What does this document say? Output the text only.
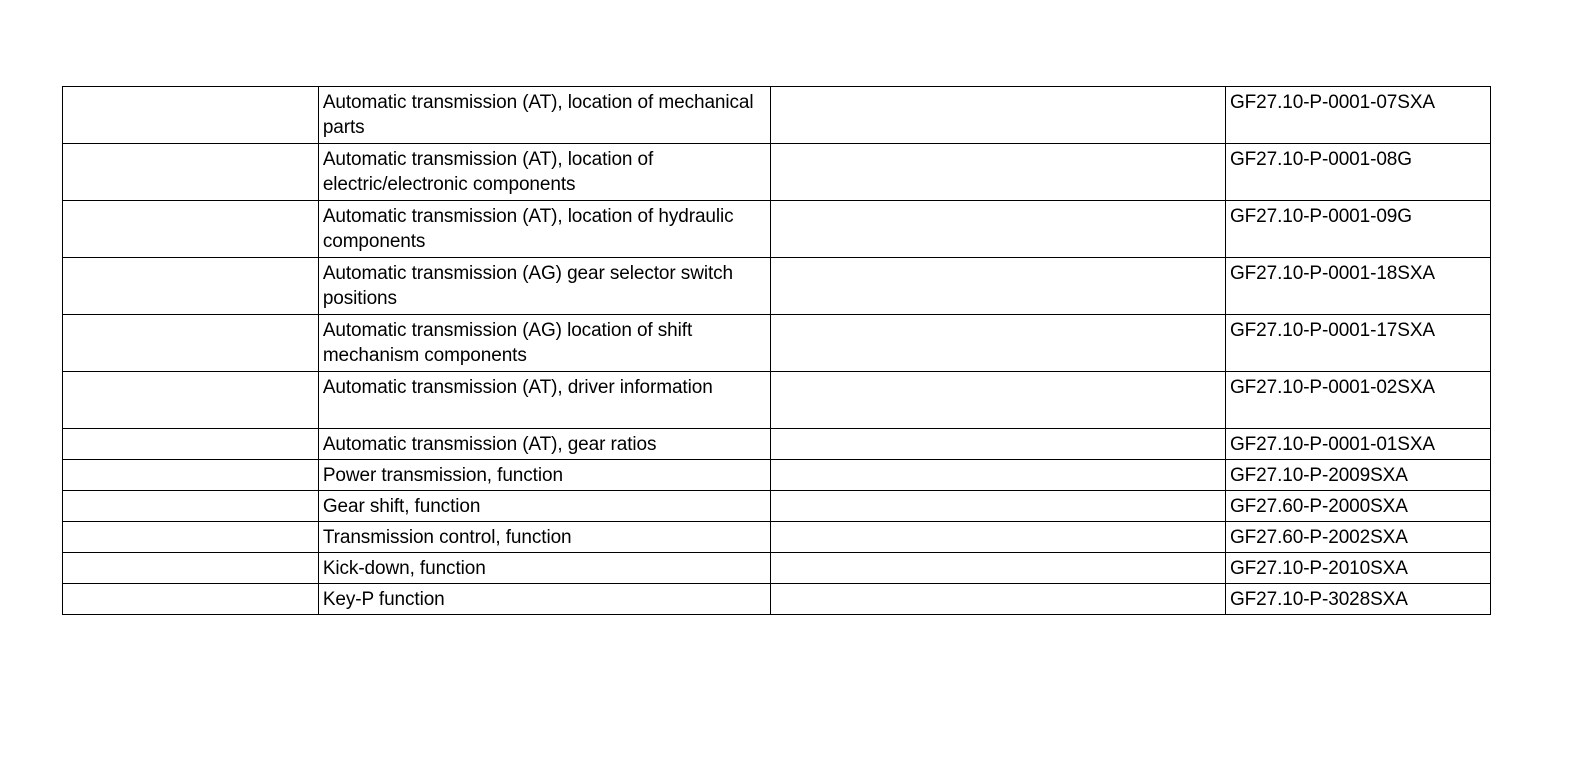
	Automatic transmission (AT), location of mechanical parts		GF27.10-P-0001-07SXA
	Automatic transmission (AT), location of electric/electronic components		GF27.10-P-0001-08G
	Automatic transmission (AT), location of hydraulic components		GF27.10-P-0001-09G
	Automatic transmission (AG) gear selector switch positions		GF27.10-P-0001-18SXA
	Automatic transmission (AG) location of shift mechanism components		GF27.10-P-0001-17SXA
	Automatic transmission (AT), driver information		GF27.10-P-0001-02SXA
	Automatic transmission (AT), gear ratios		GF27.10-P-0001-01SXA
	Power transmission, function		GF27.10-P-2009SXA
	Gear shift, function		GF27.60-P-2000SXA
	Transmission control, function		GF27.60-P-2002SXA
	Kick-down, function		GF27.10-P-2010SXA
	Key-P function		GF27.10-P-3028SXA
